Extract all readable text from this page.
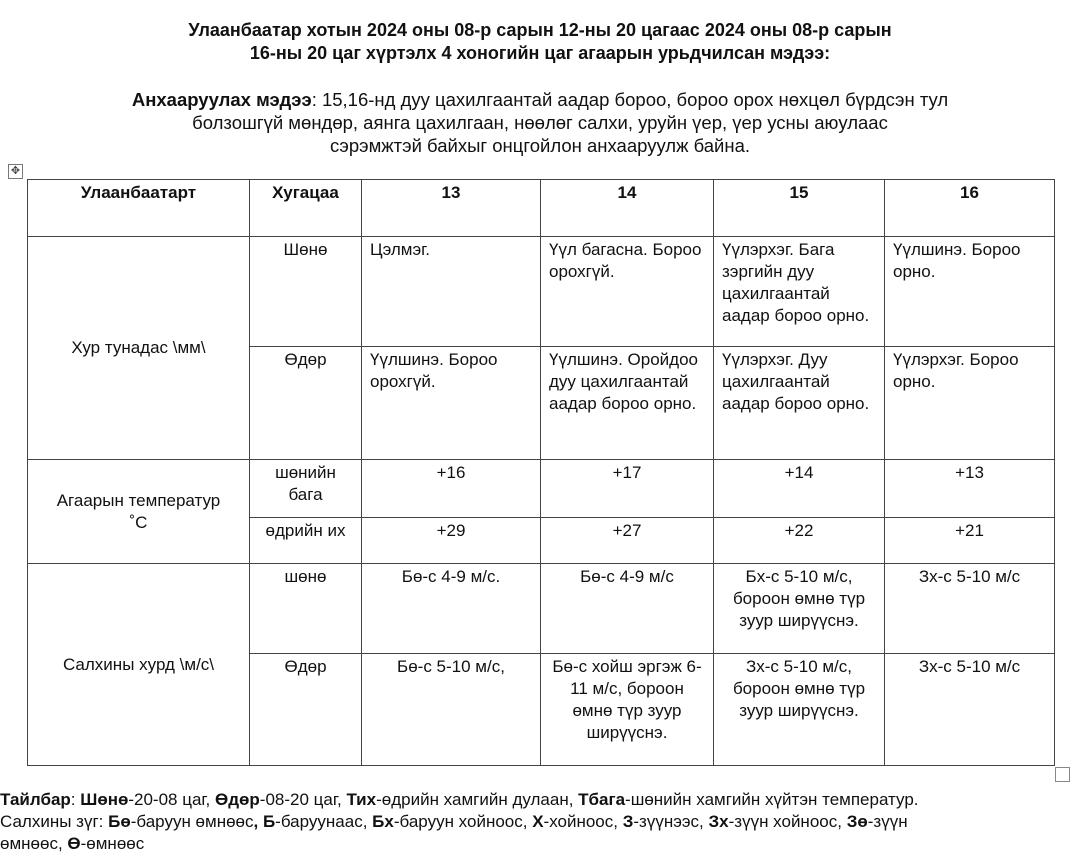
Улаанбаатар хотын 2024 оны 08-р сарын 12-ны 20 цагаас 2024 оны 08-р сарын
16-ны 20 цаг хүртэлх 4 хоногийн цаг агаарын урьдчилсан мэдээ:
Анхааруулах мэдээ: 15,16-нд дуу цахилгаантай аадар бороо, бороо орох нөхцөл бүрдсэн тул
болзошгүй мөндөр, аянга цахилгаан, нөөлөг салхи, уруйн үер, үер усны аюулаас
сэрэмжтэй байхыг онцгойлон анхааруулж байна.
✥
Улаанбаатарт	Хугацаа	13	14	15	16
Хур тунадас \мм\	Шөнө	Цэлмэг.	Үүл багасна. Бороо орохгүй.	Үүлэрхэг. Бага зэргийн дуу цахилгаантай аадар бороо орно.	Үүлшинэ. Бороо орно.
	Өдөр	Үүлшинэ. Бороо орохгүй.	Үүлшинэ. Оройдоо дуу цахилгаантай аадар бороо орно.	Үүлэрхэг. Дуу цахилгаантай аадар бороо орно.	Үүлэрхэг. Бороо орно.

Агаарын температур
˚С	шөнийн бага	+16	+17	+14	+13
	өдрийн их	+29	+27	+22	+21
Салхины хурд \м/с\	шөнө	Бө-с 4-9 м/с.	Бө-с 4-9 м/с	Бх-с 5-10 м/с, бороон өмнө түр зуур ширүүснэ.	Зх-с 5-10 м/с
	Өдөр	Бө-с 5-10 м/с,	Бө-с хойш эргэж 6-11 м/с, бороон өмнө түр зуур ширүүснэ.	Зх-с 5-10 м/с, бороон өмнө түр зуур ширүүснэ.	Зх-с 5-10 м/с
Тайлбар: Шөнө-20-08 цаг, Өдөр-08-20 цаг, Тих-өдрийн хамгийн дулаан, Тбага-шөнийн хамгийн хүйтэн температур.
Салхины зүг: Бө-баруун өмнөөс, Б-баруунаас, Бх-баруун хойноос, Х-хойноос, З-зүүнээс, Зх-зүүн хойноос, Зө-зүүн
өмнөөс, Ө-өмнөөс
